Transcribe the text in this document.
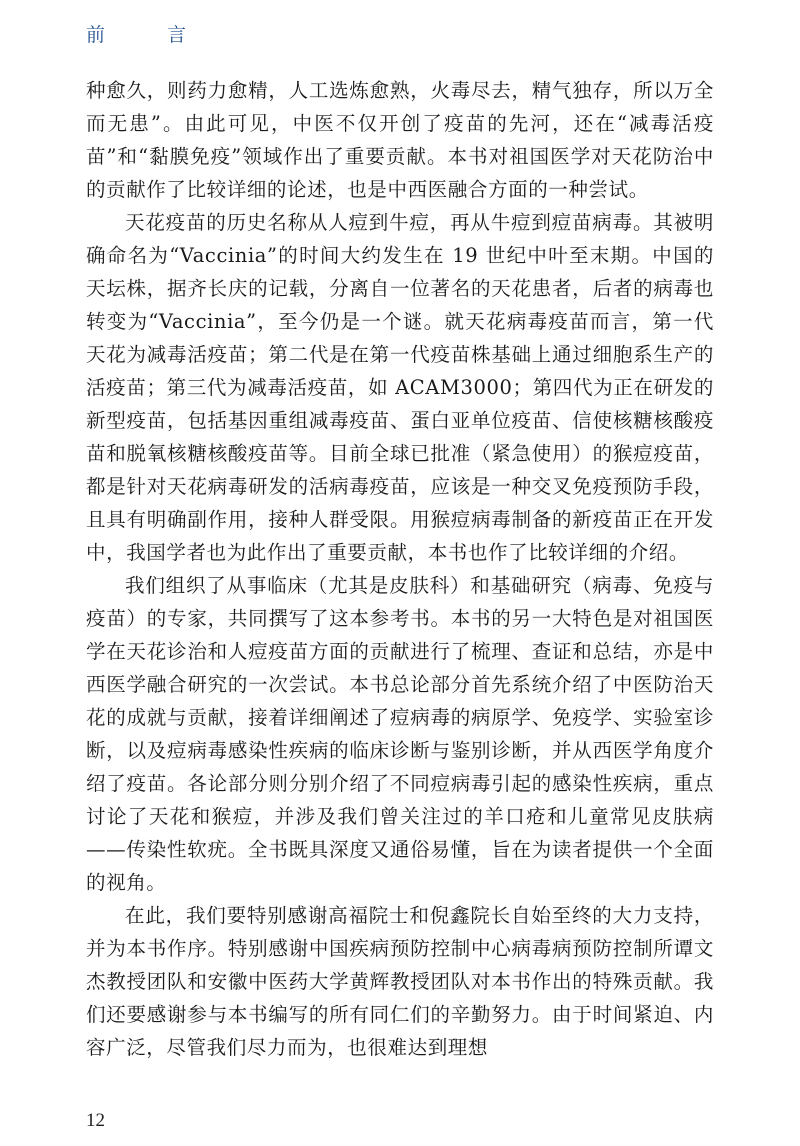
前 言

种愈久，则药力愈精，人工选炼愈熟，火毒尽去，精气独存，所以万全而无患”。由此可见，中医不仅开创了疫苗的先河，还在“减毒活疫苗”和“黏膜免疫”领域作出了重要贡献。本书对祖国医学对天花防治中的贡献作了比较详细的论述，也是中西医融合方面的一种尝试。

天花疫苗的历史名称从人痘到牛痘，再从牛痘到痘苗病毒。其被明确命名为“Vaccinia”的时间大约发生在 19 世纪中叶至末期。中国的天坛株，据齐长庆的记载，分离自一位著名的天花患者，后者的病毒也转变为“Vaccinia”，至今仍是一个谜。就天花病毒疫苗而言，第一代天花为减毒活疫苗；第二代是在第一代疫苗株基础上通过细胞系生产的活疫苗；第三代为减毒活疫苗，如 ACAM3000；第四代为正在研发的新型疫苗，包括基因重组减毒疫苗、蛋白亚单位疫苗、信使核糖核酸疫苗和脱氧核糖核酸疫苗等。目前全球已批准（紧急使用）的猴痘疫苗，都是针对天花病毒研发的活病毒疫苗，应该是一种交叉免疫预防手段，且具有明确副作用，接种人群受限。用猴痘病毒制备的新疫苗正在开发中，我国学者也为此作出了重要贡献，本书也作了比较详细的介绍。

我们组织了从事临床（尤其是皮肤科）和基础研究（病毒、免疫与疫苗）的专家，共同撰写了这本参考书。本书的另一大特色是对祖国医学在天花诊治和人痘疫苗方面的贡献进行了梳理、查证和总结，亦是中西医学融合研究的一次尝试。本书总论部分首先系统介绍了中医防治天花的成就与贡献，接着详细阐述了痘病毒的病原学、免疫学、实验室诊断，以及痘病毒感染性疾病的临床诊断与鉴别诊断，并从西医学角度介绍了疫苗。各论部分则分别介绍了不同痘病毒引起的感染性疾病，重点讨论了天花和猴痘，并涉及我们曾关注过的羊口疮和儿童常见皮肤病——传染性软疣。全书既具深度又通俗易懂，旨在为读者提供一个全面的视角。

在此，我们要特别感谢高福院士和倪鑫院长自始至终的大力支持，并为本书作序。特别感谢中国疾病预防控制中心病毒病预防控制所谭文杰教授团队和安徽中医药大学黄辉教授团队对本书作出的特殊贡献。我们还要感谢参与本书编写的所有同仁们的辛勤努力。由于时间紧迫、内容广泛，尽管我们尽力而为，也很难达到理想

12
